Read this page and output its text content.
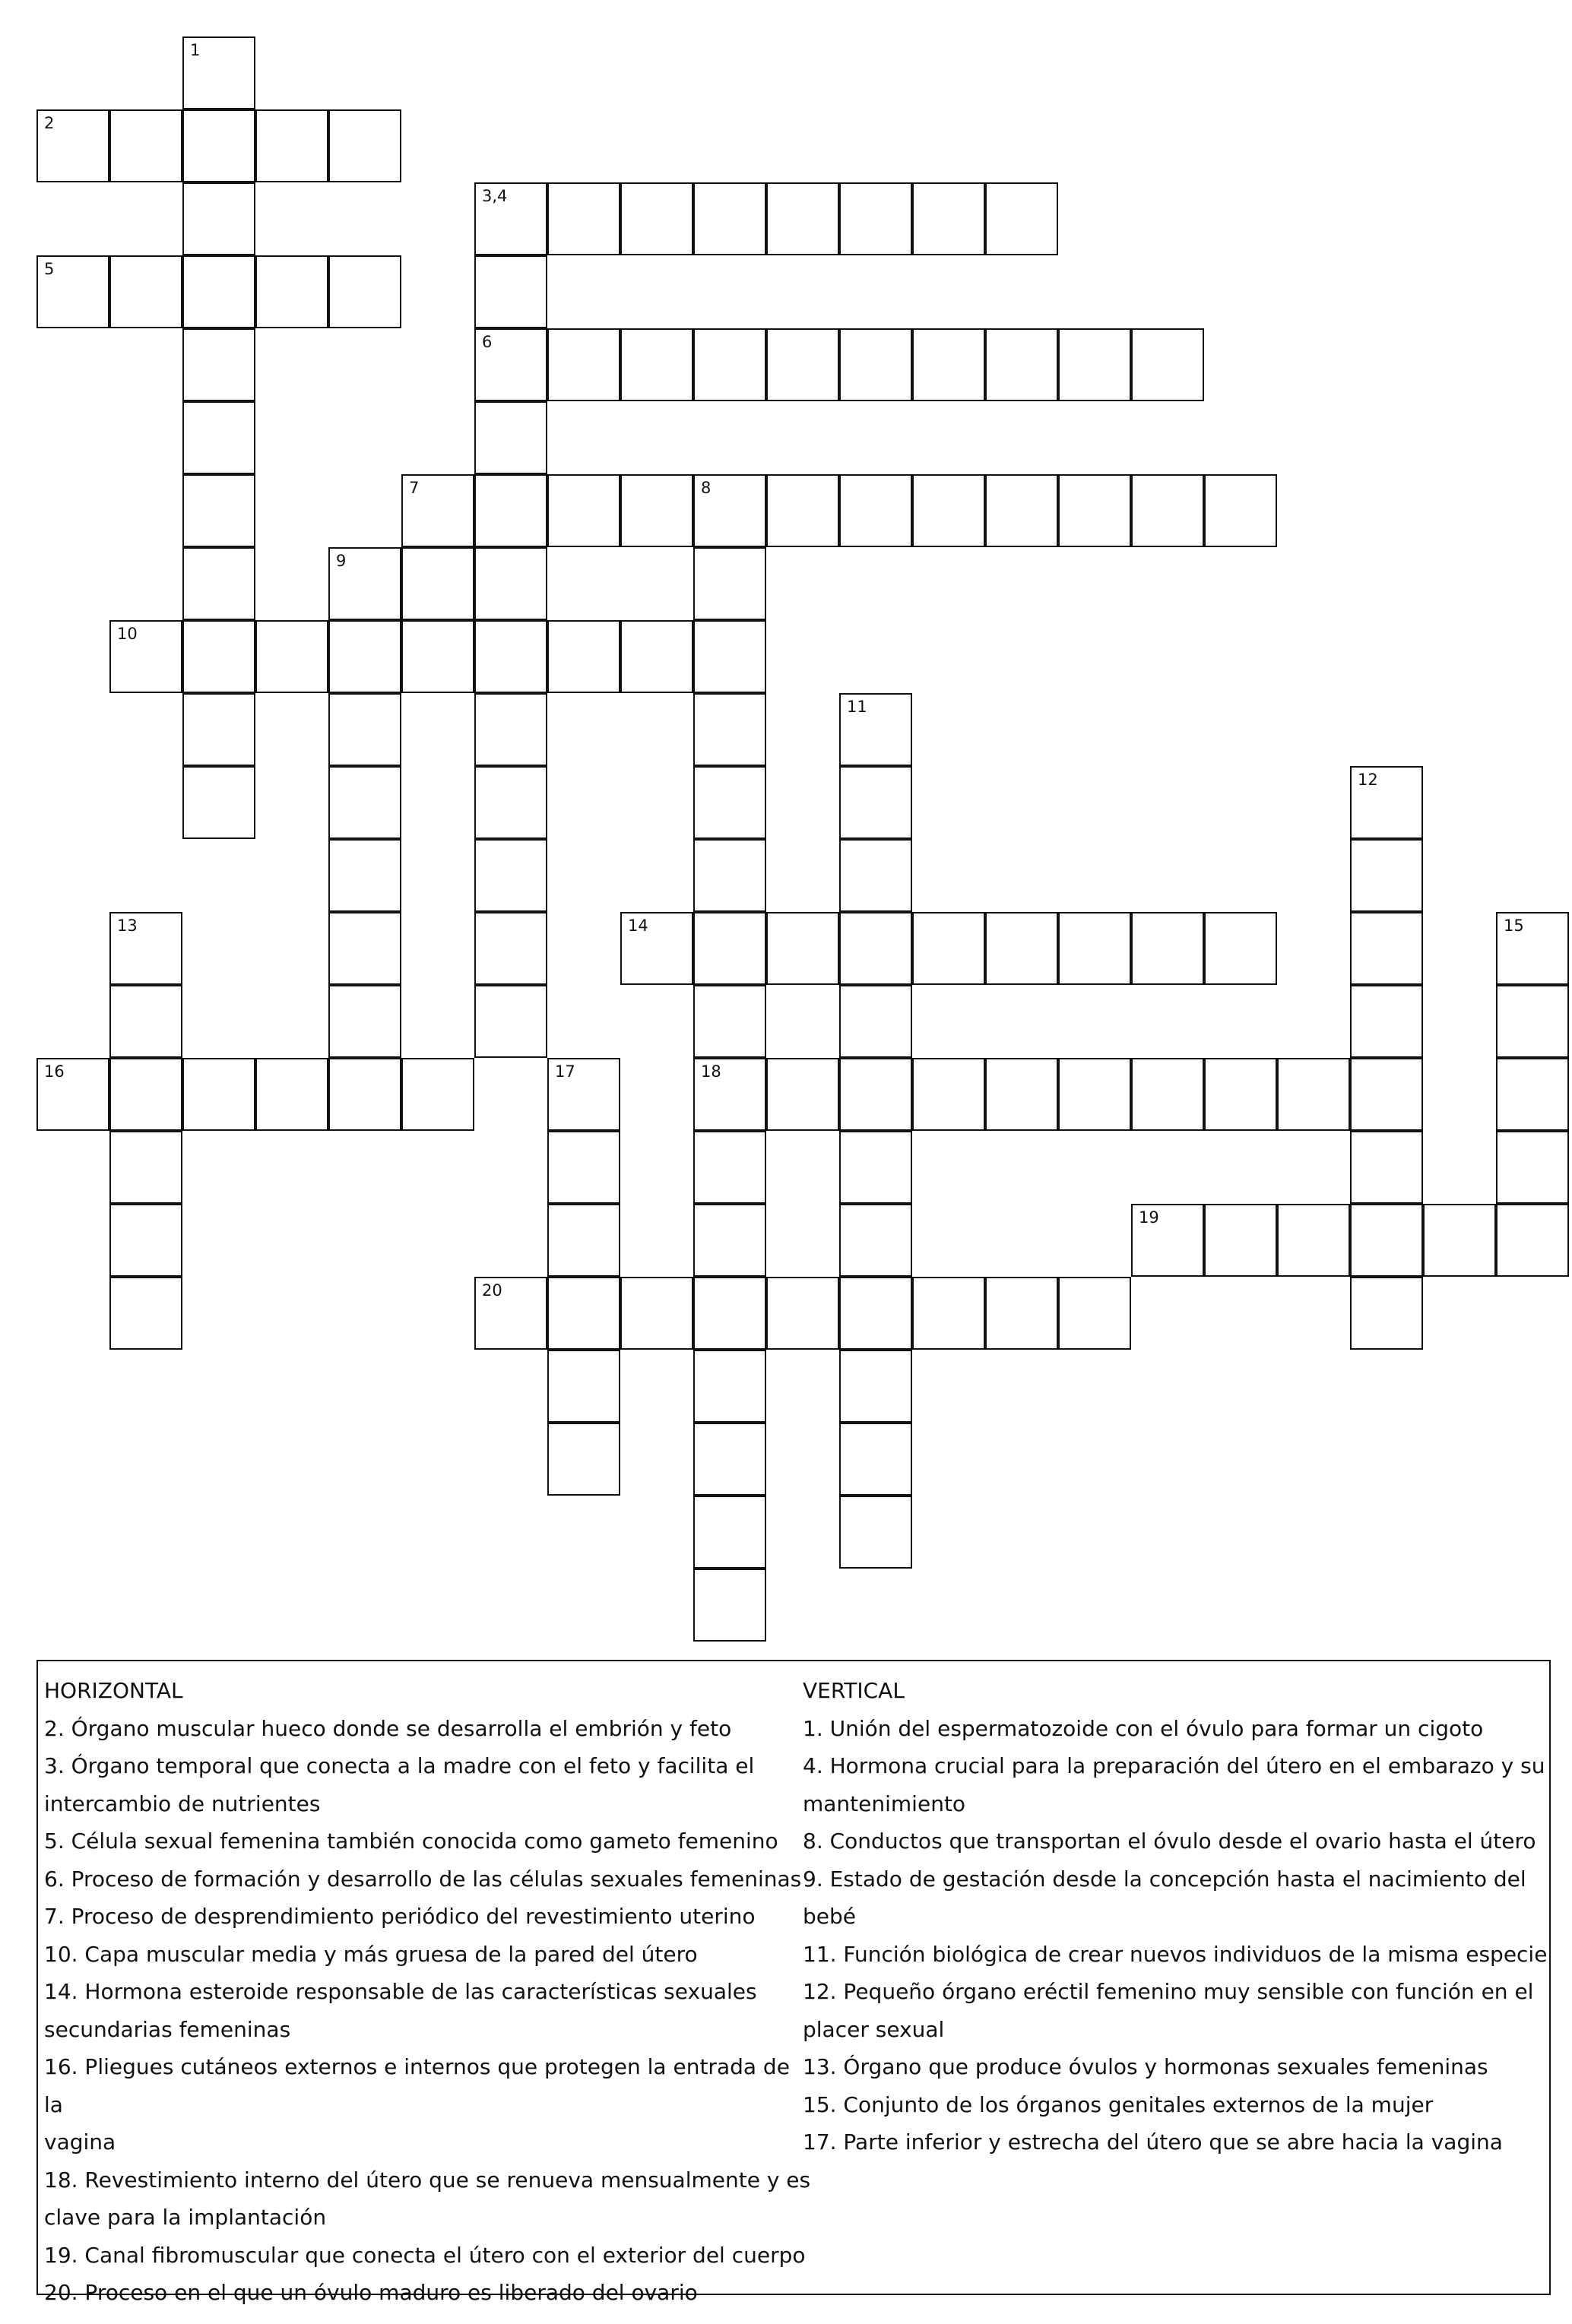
1
2
3,4
5
6
7	8
9
10
11
12
13	14	15
16	17	18
19
20

HORIZONTAL

2. Órgano muscular hueco donde se desarrolla el embrión y feto

3. Órgano temporal que conecta a la madre con el feto y facilita el

intercambio de nutrientes

5. Célula sexual femenina también conocida como gameto femenino

6. Proceso de formación y desarrollo de las células sexuales femeninas

7. Proceso de desprendimiento periódico del revestimiento uterino

10. Capa muscular media y más gruesa de la pared del útero

14. Hormona esteroide responsable de las características sexuales

secundarias femeninas

16. Pliegues cutáneos externos e internos que protegen la entrada de la

vagina

18. Revestimiento interno del útero que se renueva mensualmente y es

clave para la implantación

19. Canal fibromuscular que conecta el útero con el exterior del cuerpo

20. Proceso en el que un óvulo maduro es liberado del ovario

VERTICAL

1. Unión del espermatozoide con el óvulo para formar un cigoto

4. Hormona crucial para la preparación del útero en el embarazo y su

mantenimiento

8. Conductos que transportan el óvulo desde el ovario hasta el útero

9. Estado de gestación desde la concepción hasta el nacimiento del bebé

11. Función biológica de crear nuevos individuos de la misma especie

12. Pequeño órgano eréctil femenino muy sensible con función en el

placer sexual

13. Órgano que produce óvulos y hormonas sexuales femeninas

15. Conjunto de los órganos genitales externos de la mujer

17. Parte inferior y estrecha del útero que se abre hacia la vagina
